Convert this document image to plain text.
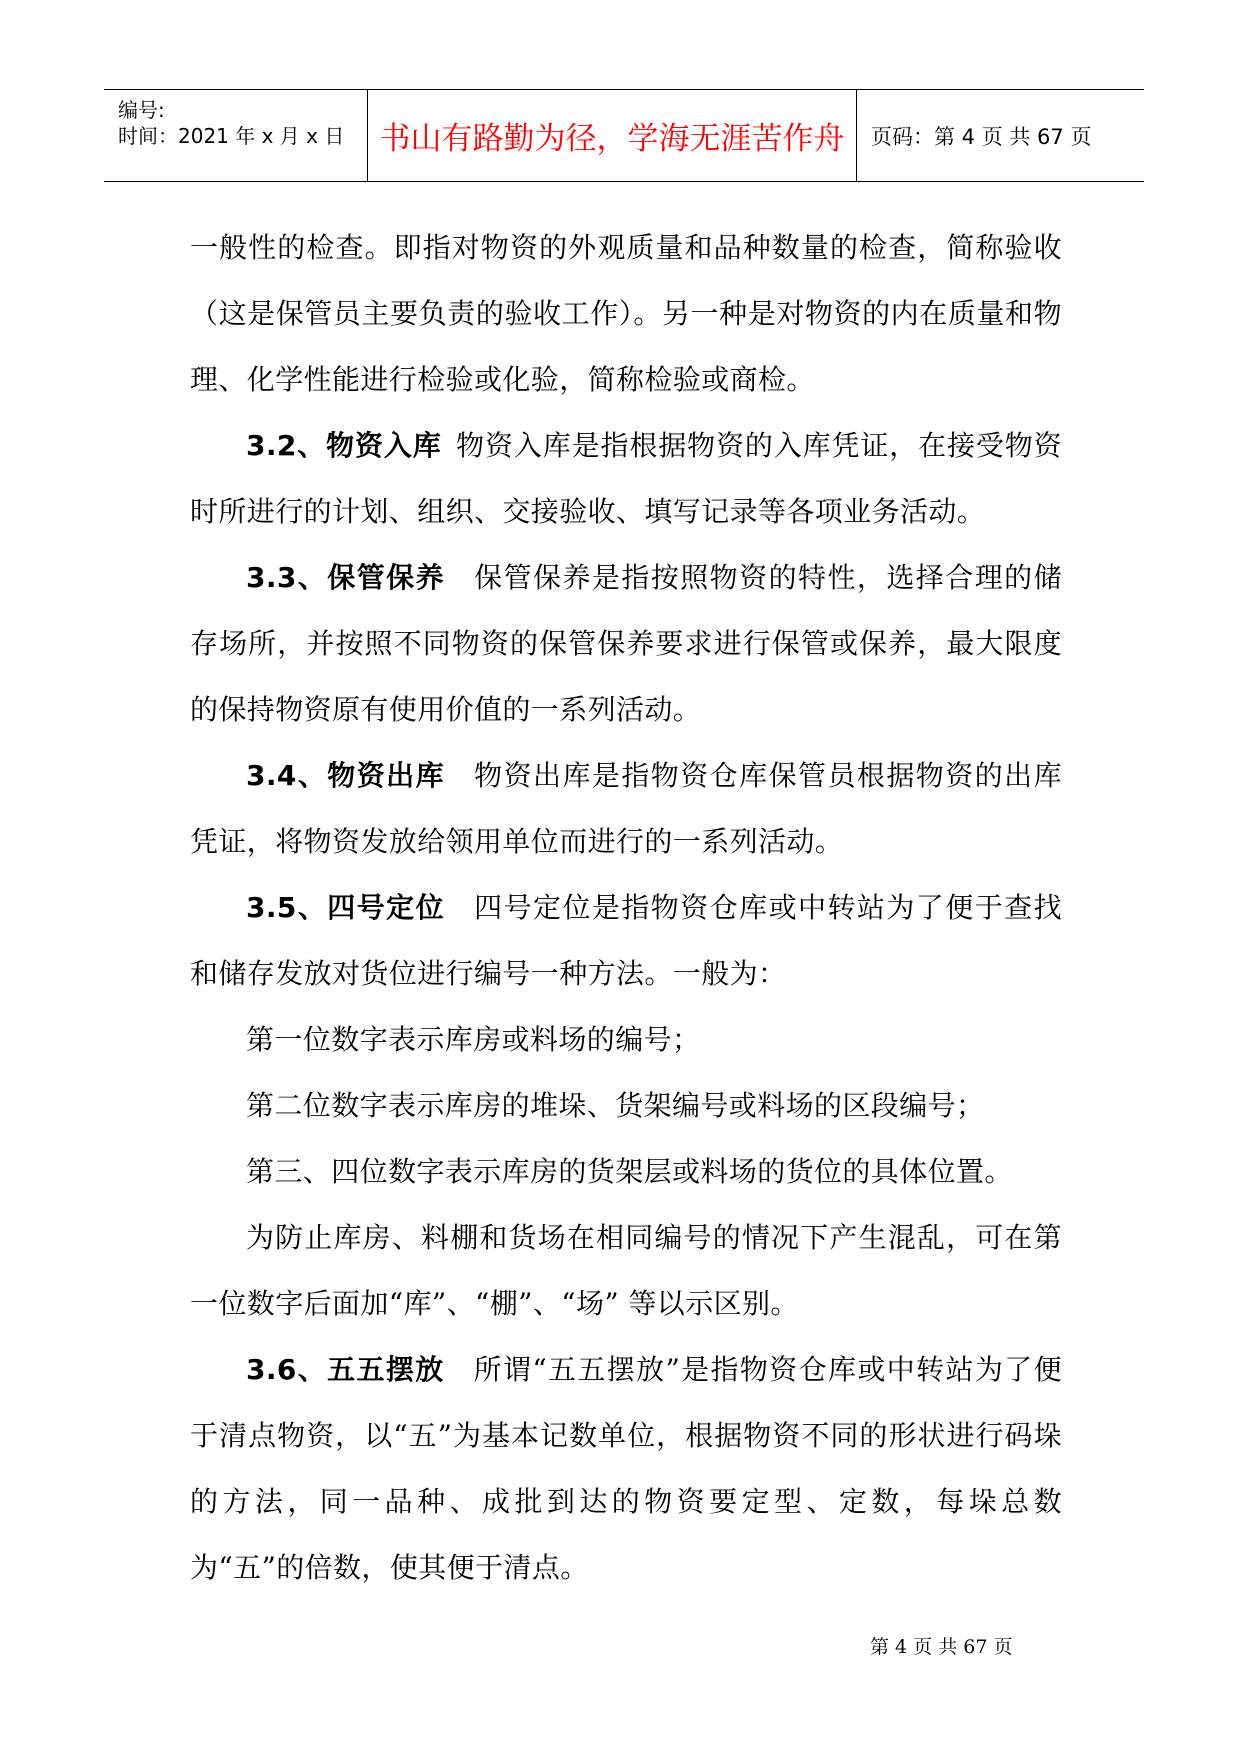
编号:
时间：2021 年 x 月 x 日 书山有路勤为径，学海无涯苦作舟 页码：第 4 页 共 67 页

一般性的检查。即指对物资的外观质量和品种数量的检查，简称验收（这是保管员主要负责的验收工作）。另一种是对物资的内在质量和物理、化学性能进行检验或化验，简称检验或商检。

3.2、物资入库 物资入库是指根据物资的入库凭证，在接受物资时所进行的计划、组织、交接验收、填写记录等各项业务活动。

3.3、保管保养 保管保养是指按照物资的特性，选择合理的储存场所，并按照不同物资的保管保养要求进行保管或保养，最大限度的保持物资原有使用价值的一系列活动。

3.4、物资出库 物资出库是指物资仓库保管员根据物资的出库凭证，将物资发放给领用单位而进行的一系列活动。

3.5、四号定位 四号定位是指物资仓库或中转站为了便于查找和储存发放对货位进行编号一种方法。一般为：

第一位数字表示库房或料场的编号；

第二位数字表示库房的堆垛、货架编号或料场的区段编号；

第三、四位数字表示库房的货架层或料场的货位的具体位置。

为防止库房、料棚和货场在相同编号的情况下产生混乱，可在第一位数字后面加“库”、“棚”、“场” 等以示区别。

3.6、五五摆放 所谓“五五摆放”是指物资仓库或中转站为了便于清点物资，以“五”为基本记数单位，根据物资不同的形状进行码垛的方法，同一品种、成批到达的物资要定型、定数，每垛总数为“五”的倍数，使其便于清点。

第 4 页 共 67 页
